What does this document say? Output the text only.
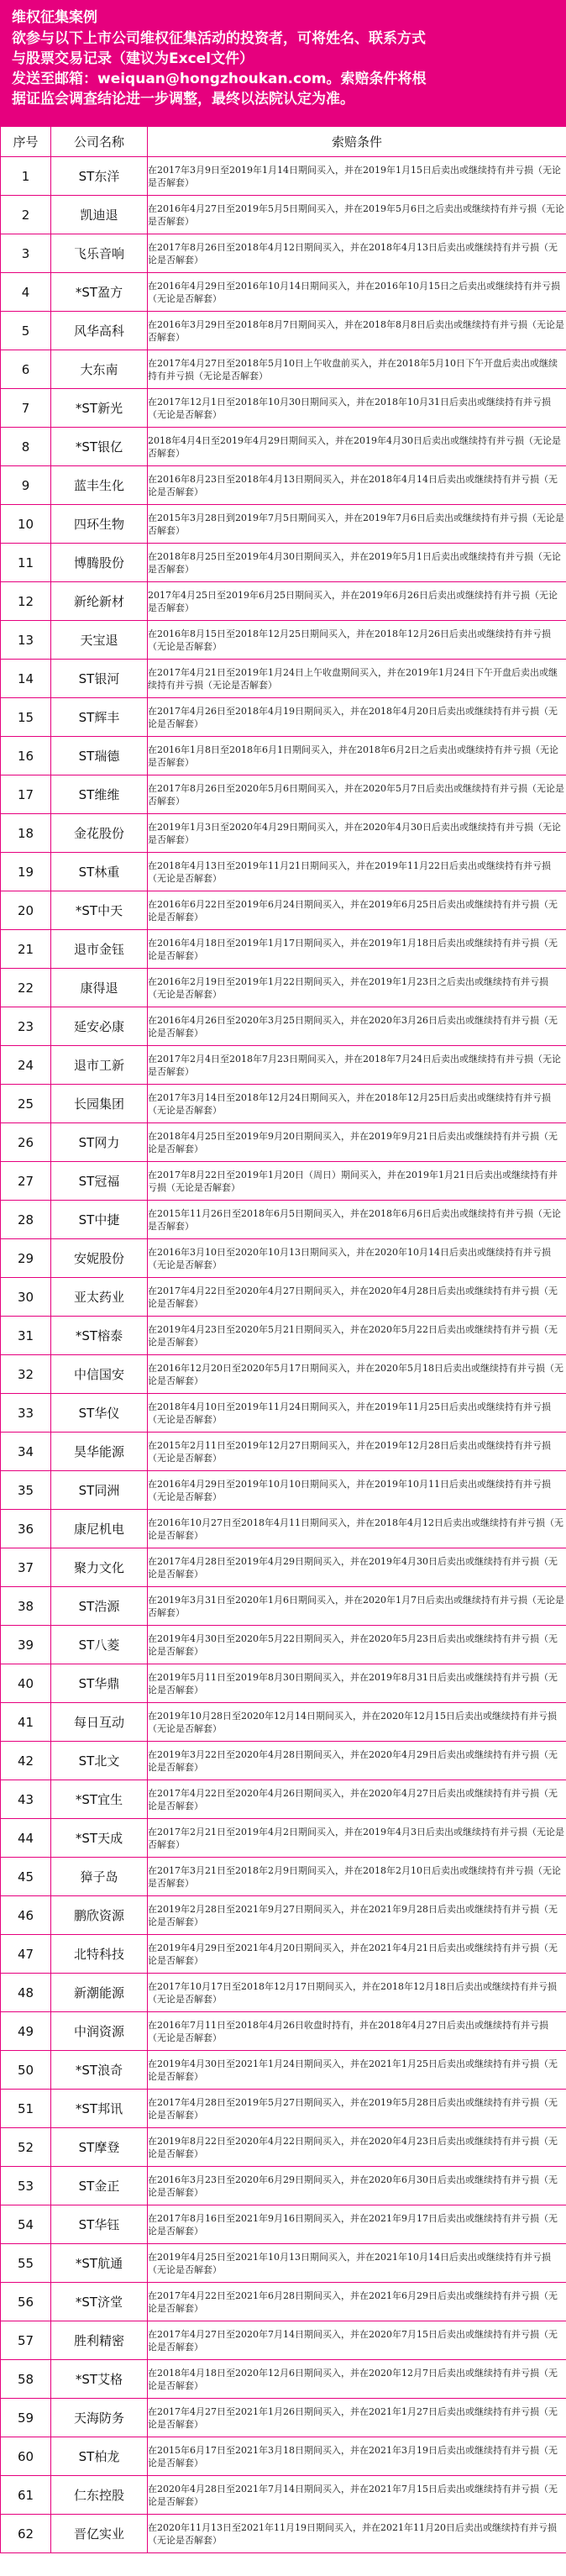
维权征集案例
欲参与以下上市公司维权征集活动的投资者，可将姓名、联系方式
与股票交易记录（建议为Excel文件）
发送至邮箱：weiquan@hongzhoukan.com。索赔条件将根
据证监会调查结论进一步调整，最终以法院认定为准。
序号	公司名称	索赔条件
1	ST东洋	在2017年3月9日至2019年1月14日期间买入，并在2019年1月15日后卖出或继续持有并亏损（无论是否解套）
2	凯迪退	在2016年4月27日至2019年5月5日期间买入，并在2019年5月6日之后卖出或继续持有并亏损（无论是否解套）
3	飞乐音响	在2017年8月26日至2018年4月12日期间买入，并在2018年4月13日后卖出或继续持有并亏损（无论是否解套）
4	*ST盈方	在2016年4月29日至2016年10月14日期间买入，并在2016年10月15日之后卖出或继续持有并亏损（无论是否解套）
5	风华高科	在2016年3月29日至2018年8月7日期间买入，并在2018年8月8日后卖出或继续持有并亏损（无论是否解套）
6	大东南	在2017年4月27日至2018年5月10日上午收盘前买入，并在2018年5月10日下午开盘后卖出或继续持有并亏损（无论是否解套）
7	*ST新光	在2017年12月1日至2018年10月30日期间买入，并在2018年10月31日后卖出或继续持有并亏损（无论是否解套）
8	*ST银亿	2018年4月4日至2019年4月29日期间买入，并在2019年4月30日后卖出或继续持有并亏损（无论是否解套）
9	蓝丰生化	在2016年8月23日至2018年4月13日期间买入，并在2018年4月14日后卖出或继续持有并亏损（无论是否解套）
10	四环生物	在2015年3月28日到2019年7月5日期间买入，并在2019年7月6日后卖出或继续持有并亏损（无论是否解套）
11	博腾股份	在2018年8月25日至2019年4月30日期间买入，并在2019年5月1日后卖出或继续持有并亏损（无论是否解套）
12	新纶新材	2017年4月25日至2019年6月25日期间买入，并在2019年6月26日后卖出或继续持有并亏损（无论是否解套）
13	天宝退	在2016年8月15日至2018年12月25日期间买入，并在2018年12月26日后卖出或继续持有并亏损（无论是否解套）
14	ST银河	在2017年4月21日至2019年1月24日上午收盘期间买入，并在2019年1月24日下午开盘后卖出或继续持有并亏损（无论是否解套）
15	ST辉丰	在2017年4月26日至2018年4月19日期间买入，并在2018年4月20日后卖出或继续持有并亏损（无论是否解套）
16	ST瑞德	在2016年1月8日至2018年6月1日期间买入，并在2018年6月2日之后卖出或继续持有并亏损（无论是否解套）
17	ST维维	在2017年8月26日至2020年5月6日期间买入，并在2020年5月7日后卖出或继续持有并亏损（无论是否解套）
18	金花股份	在2019年1月3日至2020年4月29日期间买入，并在2020年4月30日后卖出或继续持有并亏损（无论是否解套）
19	ST林重	在2018年4月13日至2019年11月21日期间买入，并在2019年11月22日后卖出或继续持有并亏损（无论是否解套）
20	*ST中天	在2016年6月22日至2019年6月24日期间买入，并在2019年6月25日后卖出或继续持有并亏损（无论是否解套）
21	退市金钰	在2016年4月18日至2019年1月17日期间买入，并在2019年1月18日后卖出或继续持有并亏损（无论是否解套）
22	康得退	在2016年2月19日至2019年1月22日期间买入，并在2019年1月23日之后卖出或继续持有并亏损（无论是否解套）
23	延安必康	在2016年4月26日至2020年3月25日期间买入，并在2020年3月26日后卖出或继续持有并亏损（无论是否解套）
24	退市工新	在2017年2月4日至2018年7月23日期间买入，并在2018年7月24日后卖出或继续持有并亏损（无论是否解套）
25	长园集团	在2017年3月14日至2018年12月24日期间买入，并在2018年12月25日后卖出或继续持有并亏损（无论是否解套）
26	ST网力	在2018年4月25日至2019年9月20日期间买入，并在2019年9月21日后卖出或继续持有并亏损（无论是否解套）
27	ST冠福	在2017年8月22日至2019年1月20日（周日）期间买入，并在2019年1月21日后卖出或继续持有并亏损（无论是否解套）
28	ST中捷	在2015年11月26日至2018年6月5日期间买入，并在2018年6月6日后卖出或继续持有并亏损（无论是否解套）
29	安妮股份	在2016年3月10日至2020年10月13日期间买入，并在2020年10月14日后卖出或继续持有并亏损（无论是否解套）
30	亚太药业	在2017年4月22日至2020年4月27日期间买入，并在2020年4月28日后卖出或继续持有并亏损（无论是否解套）
31	*ST榕泰	在2019年4月23日至2020年5月21日期间买入，并在2020年5月22日后卖出或继续持有并亏损（无论是否解套）
32	中信国安	在2016年12月20日至2020年5月17日期间买入，并在2020年5月18日后卖出或继续持有并亏损（无论是否解套）
33	ST华仪	在2018年4月10日至2019年11月24日期间买入，并在2019年11月25日后卖出或继续持有并亏损（无论是否解套）
34	昊华能源	在2015年2月11日至2019年12月27日期间买入，并在2019年12月28日后卖出或继续持有并亏损（无论是否解套）
35	ST同洲	在2016年4月29日至2019年10月10日期间买入，并在2019年10月11日后卖出或继续持有并亏损（无论是否解套）
36	康尼机电	在2016年10月27日至2018年4月11日期间买入，并在2018年4月12日后卖出或继续持有并亏损（无论是否解套）
37	聚力文化	在2017年4月28日至2019年4月29日期间买入，并在2019年4月30日后卖出或继续持有并亏损（无论是否解套）
38	ST浩源	在2019年3月31日至2020年1月6日期间买入，并在2020年1月7日后卖出或继续持有并亏损（无论是否解套）
39	ST八菱	在2019年4月30日至2020年5月22日期间买入，并在2020年5月23日后卖出或继续持有并亏损（无论是否解套）
40	ST华鼎	在2019年5月11日至2019年8月30日期间买入，并在2019年8月31日后卖出或继续持有并亏损（无论是否解套）
41	每日互动	在2019年10月28日至2020年12月14日期间买入，并在2020年12月15日后卖出或继续持有并亏损（无论是否解套）
42	ST北文	在2019年3月22日至2020年4月28日期间买入，并在2020年4月29日后卖出或继续持有并亏损（无论是否解套）
43	*ST宜生	在2017年4月22日至2020年4月26日期间买入，并在2020年4月27日后卖出或继续持有并亏损（无论是否解套）
44	*ST天成	在2017年2月21日至2019年4月2日期间买入，并在2019年4月3日后卖出或继续持有并亏损（无论是否解套）
45	獐子岛	在2017年3月21日至2018年2月9日期间买入，并在2018年2月10日后卖出或继续持有并亏损（无论是否解套）
46	鹏欣资源	在2019年2月28日至2021年9月27日期间买入，并在2021年9月28日后卖出或继续持有并亏损（无论是否解套）
47	北特科技	在2019年4月29日至2021年4月20日期间买入，并在2021年4月21日后卖出或继续持有并亏损（无论是否解套）
48	新潮能源	在2017年10月17日至2018年12月17日期间买入，并在2018年12月18日后卖出或继续持有并亏损（无论是否解套）
49	中润资源	在2016年7月11日至2018年4月26日收盘时持有，并在2018年4月27日后卖出或继续持有并亏损（无论是否解套）
50	*ST浪奇	在2019年4月30日至2021年1月24日期间买入，并在2021年1月25日后卖出或继续持有并亏损（无论是否解套）
51	*ST邦讯	在2017年4月28日至2019年5月27日期间买入，并在2019年5月28日后卖出或继续持有并亏损（无论是否解套）
52	ST摩登	在2019年8月22日至2020年4月22日期间买入，并在2020年4月23日后卖出或继续持有并亏损（无论是否解套）
53	ST金正	在2016年3月23日至2020年6月29日期间买入，并在2020年6月30日后卖出或继续持有并亏损（无论是否解套）
54	ST华钰	在2017年8月16日至2021年9月16日期间买入，并在2021年9月17日后卖出或继续持有并亏损（无论是否解套）
55	*ST航通	在2019年4月25日至2021年10月13日期间买入，并在2021年10月14日后卖出或继续持有并亏损（无论是否解套）
56	*ST济堂	在2017年4月22日至2021年6月28日期间买入，并在2021年6月29日后卖出或继续持有并亏损（无论是否解套）
57	胜利精密	在2017年4月27日至2020年7月14日期间买入，并在2020年7月15日后卖出或继续持有并亏损（无论是否解套）
58	*ST艾格	在2018年4月18日至2020年12月6日期间买入，并在2020年12月7日后卖出或继续持有并亏损（无论是否解套）
59	天海防务	在2017年4月27日至2021年1月26日期间买入，并在2021年1月27日后卖出或继续持有并亏损（无论是否解套）
60	ST柏龙	在2015年6月17日至2021年3月18日期间买入，并在2021年3月19日后卖出或继续持有并亏损（无论是否解套）
61	仁东控股	在2020年4月28日至2021年7月14日期间买入，并在2021年7月15日后卖出或继续持有并亏损（无论是否解套）
62	晋亿实业	在2020年11月13日至2021年11月19日期间买入，并在2021年11月20日后卖出或继续持有并亏损（无论是否解套）
